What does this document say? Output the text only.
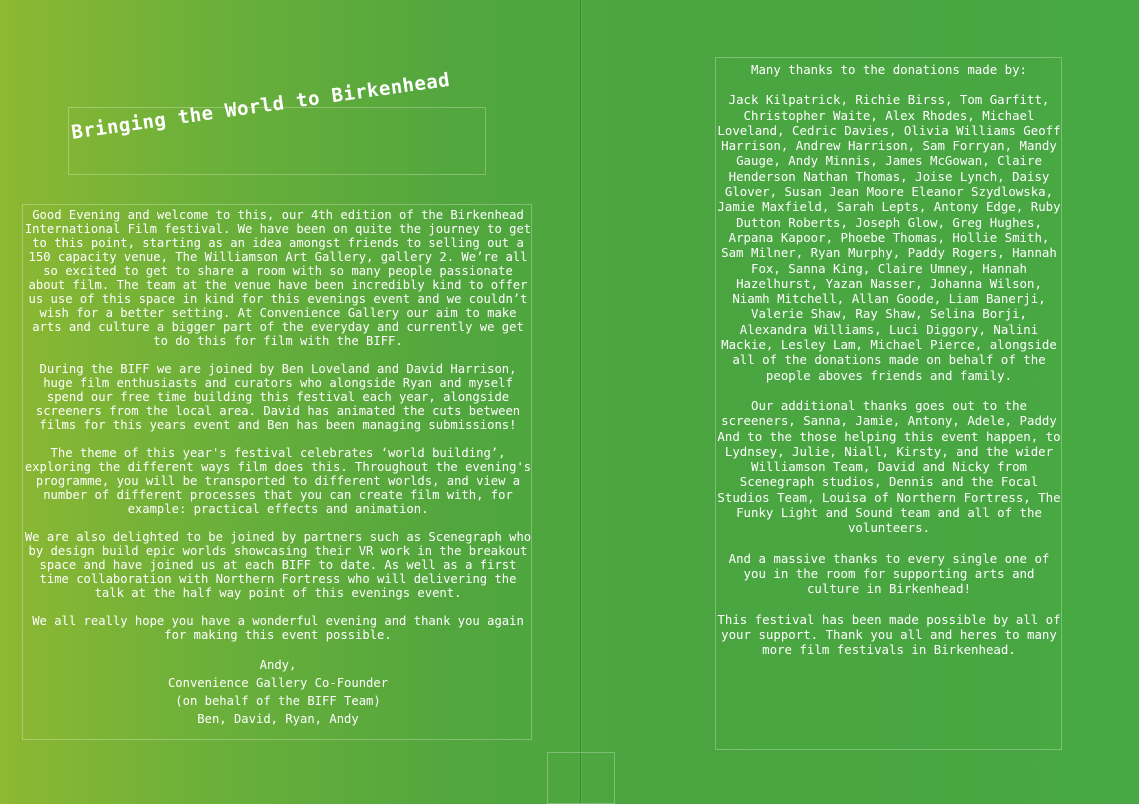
Bringing the World to Birkenhead

Good Evening and welcome to this, our 4th edition of the Birkenhead International Film festival. We have been on quite the journey to get to this point, starting as an idea amongst friends to selling out a 150 capacity venue, The Williamson Art Gallery, gallery 2. We’re all so excited to get to share a room with so many people passionate about film. The team at the venue have been incredibly kind to offer us use of this space in kind for this evenings event and we couldn’t wish for a better setting. At Convenience Gallery our aim to make arts and culture a bigger part of the everyday and currently we get to do this for film with the BIFF.

During the BIFF we are joined by Ben Loveland and David Harrison, huge film enthusiasts and curators who alongside Ryan and myself spend our free time building this festival each year, alongside screeners from the local area. David has animated the cuts between films for this years event and Ben has been managing submissions!

The theme of this year's festival celebrates ‘world building’, exploring the different ways film does this. Throughout the evening's programme, you will be transported to different worlds, and view a number of different processes that you can create film with, for example: practical effects and animation.

We are also delighted to be joined by partners such as Scenegraph who by design build epic worlds showcasing their VR work in the breakout space and have joined us at each BIFF to date. As well as a first time collaboration with Northern Fortress who will delivering the talk at the half way point of this evenings event.

We all really hope you have a wonderful evening and thank you again for making this event possible.

Andy,
Convenience Gallery Co-Founder
(on behalf of the BIFF Team)
Ben, David, Ryan, Andy

Many thanks to the donations made by:

Jack Kilpatrick, Richie Birss, Tom Garfitt, Christopher Waite, Alex Rhodes, Michael Loveland, Cedric Davies, Olivia Williams Geoff Harrison, Andrew Harrison, Sam Forryan, Mandy Gauge, Andy Minnis, James McGowan, Claire Henderson Nathan Thomas, Joise Lynch, Daisy Glover, Susan Jean Moore Eleanor Szydlowska, Jamie Maxfield, Sarah Lepts, Antony Edge, Ruby Dutton Roberts, Joseph Glow, Greg Hughes, Arpana Kapoor, Phoebe Thomas, Hollie Smith, Sam Milner, Ryan Murphy, Paddy Rogers, Hannah Fox, Sanna King, Claire Umney, Hannah Hazelhurst, Yazan Nasser, Johanna Wilson, Niamh Mitchell, Allan Goode, Liam Banerji, Valerie Shaw, Ray Shaw, Selina Borji, Alexandra Williams, Luci Diggory, Nalini Mackie, Lesley Lam, Michael Pierce, alongside all of the donations made on behalf of the people aboves friends and family.

Our additional thanks goes out to the screeners, Sanna, Jamie, Antony, Adele, Paddy And to the those helping this event happen, to Lydnsey, Julie, Niall, Kirsty, and the wider Williamson Team, David and Nicky from Scenegraph studios, Dennis and the Focal Studios Team, Louisa of Northern Fortress, The Funky Light and Sound team and all of the volunteers.

And a massive thanks to every single one of you in the room for supporting arts and culture in Birkenhead!

This festival has been made possible by all of your support. Thank you all and heres to many more film festivals in Birkenhead.
